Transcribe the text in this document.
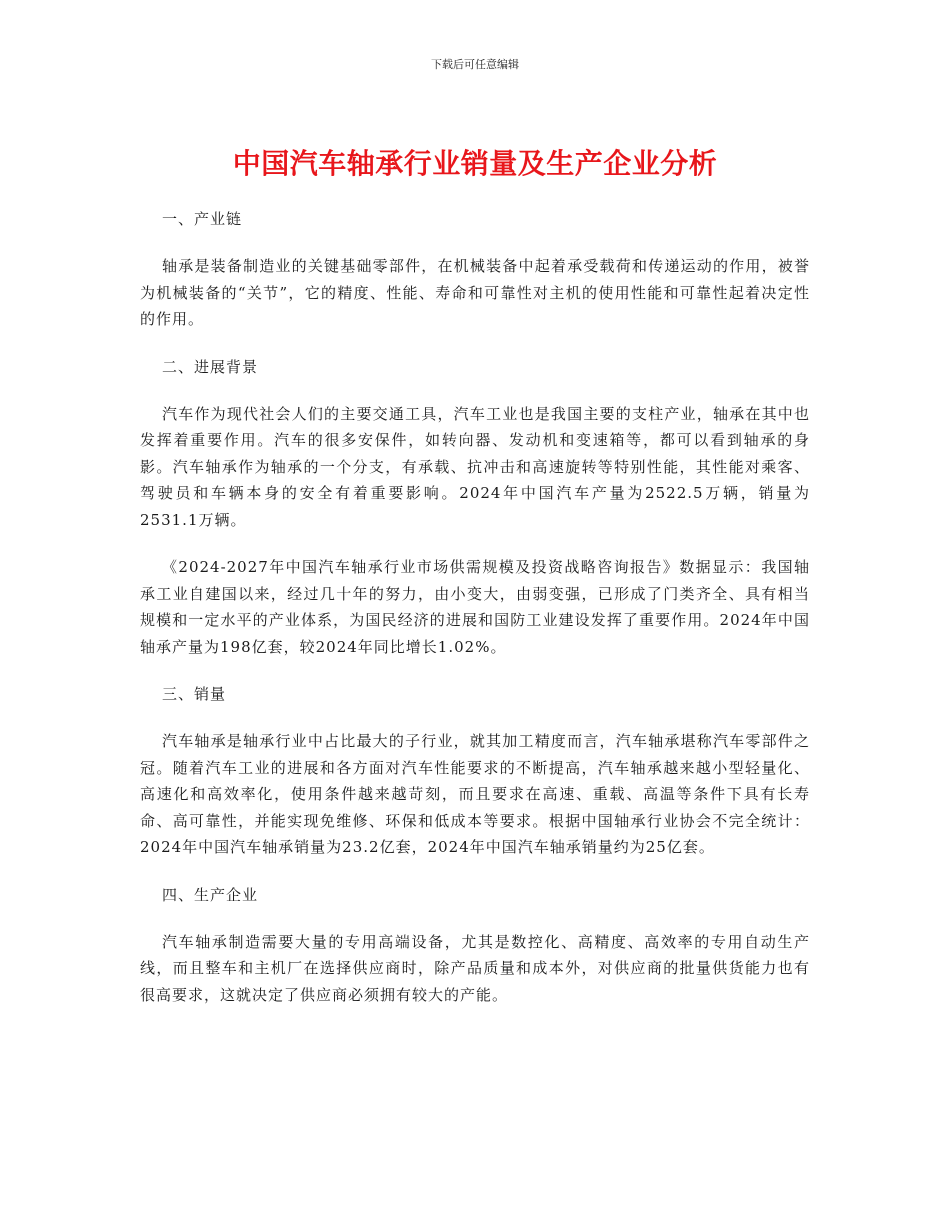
下载后可任意编辑
中国汽车轴承行业销量及生产企业分析
一、产业链

轴承是装备制造业的关键基础零部件，在机械装备中起着承受载荷和传递运动的作用，被誉为机械装备的“关节”，它的精度、性能、寿命和可靠性对主机的使用性能和可靠性起着决定性的作用。

二、进展背景

汽车作为现代社会人们的主要交通工具，汽车工业也是我国主要的支柱产业，轴承在其中也发挥着重要作用。汽车的很多安保件，如转向器、发动机和变速箱等，都可以看到轴承的身影。汽车轴承作为轴承的一个分支，有承载、抗冲击和高速旋转等特别性能，其性能对乘客、驾驶员和车辆本身的安全有着重要影响。2024年中国汽车产量为2522.5万辆，销量为2531.1万辆。

《2024-2027年中国汽车轴承行业市场供需规模及投资战略咨询报告》数据显示：我国轴承工业自建国以来，经过几十年的努力，由小变大，由弱变强，已形成了门类齐全、具有相当规模和一定水平的产业体系，为国民经济的进展和国防工业建设发挥了重要作用。2024年中国轴承产量为198亿套，较2024年同比增长1.02%。

三、销量

汽车轴承是轴承行业中占比最大的子行业，就其加工精度而言，汽车轴承堪称汽车零部件之冠。随着汽车工业的进展和各方面对汽车性能要求的不断提高，汽车轴承越来越小型轻量化、高速化和高效率化，使用条件越来越苛刻，而且要求在高速、重载、高温等条件下具有长寿命、高可靠性，并能实现免维修、环保和低成本等要求。根据中国轴承行业协会不完全统计：2024年中国汽车轴承销量为23.2亿套，2024年中国汽车轴承销量约为25亿套。

四、生产企业

汽车轴承制造需要大量的专用高端设备，尤其是数控化、高精度、高效率的专用自动生产线，而且整车和主机厂在选择供应商时，除产品质量和成本外，对供应商的批量供货能力也有很高要求，这就决定了供应商必须拥有较大的产能。
